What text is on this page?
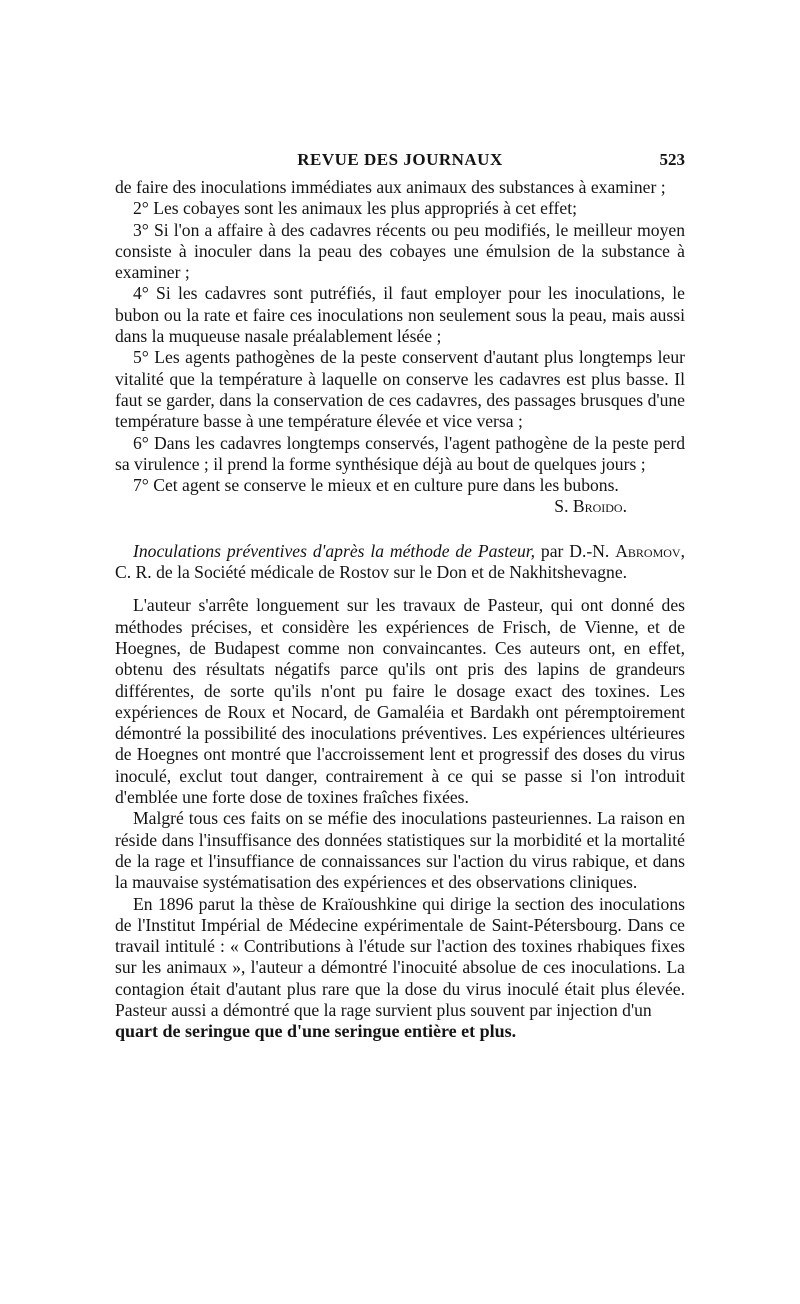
REVUE DES JOURNAUX	523

de faire des inoculations immédiates aux animaux des substances à examiner ;

2° Les cobayes sont les animaux les plus appropriés à cet effet;

3° Si l'on a affaire à des cadavres récents ou peu modifiés, le meilleur moyen consiste à inoculer dans la peau des cobayes une émulsion de la substance à examiner ;

4° Si les cadavres sont putréfiés, il faut employer pour les inoculations, le bubon ou la rate et faire ces inoculations non seulement sous la peau, mais aussi dans la muqueuse nasale préalablement lésée ;

5° Les agents pathogènes de la peste conservent d'autant plus longtemps leur vitalité que la température à laquelle on conserve les cadavres est plus basse. Il faut se garder, dans la conservation de ces cadavres, des passages brusques d'une température basse à une température élevée et vice versa ;

6° Dans les cadavres longtemps conservés, l'agent pathogène de la peste perd sa virulence ; il prend la forme synthésique déjà au bout de quelques jours ;

7° Cet agent se conserve le mieux et en culture pure dans les bubons.

S. Broido.

Inoculations préventives d'après la méthode de Pasteur, par D.-N. Abromov, C. R. de la Société médicale de Rostov sur le Don et de Nakhitshevagne.

L'auteur s'arrête longuement sur les travaux de Pasteur, qui ont donné des méthodes précises, et considère les expériences de Frisch, de Vienne, et de Hoegnes, de Budapest comme non convaincantes. Ces auteurs ont, en effet, obtenu des résultats négatifs parce qu'ils ont pris des lapins de grandeurs différentes, de sorte qu'ils n'ont pu faire le dosage exact des toxines. Les expériences de Roux et Nocard, de Gamaléia et Bardakh ont péremptoirement démontré la possibilité des inoculations préventives. Les expériences ultérieures de Hoegnes ont montré que l'accroissement lent et progressif des doses du virus inoculé, exclut tout danger, contrairement à ce qui se passe si l'on introduit d'emblée une forte dose de toxines fraîches fixées.

Malgré tous ces faits on se méfie des inoculations pasteuriennes. La raison en réside dans l'insuffisance des données statistiques sur la morbidité et la mortalité de la rage et l'insuffiance de connaissances sur l'action du virus rabique, et dans la mauvaise systématisation des expériences et des observations cliniques.

En 1896 parut la thèse de Kraïoushkine qui dirige la section des inoculations de l'Institut Impérial de Médecine expérimentale de Saint-Pétersbourg. Dans ce travail intitulé : « Contributions à l'étude sur l'action des toxines rhabiques fixes sur les animaux », l'auteur a démontré l'inocuité absolue de ces inoculations. La contagion était d'autant plus rare que la dose du virus inoculé était plus élevée. Pasteur aussi a démontré que la rage survient plus souvent par injection d'un

quart de seringue que d'une seringue entière et plus.
